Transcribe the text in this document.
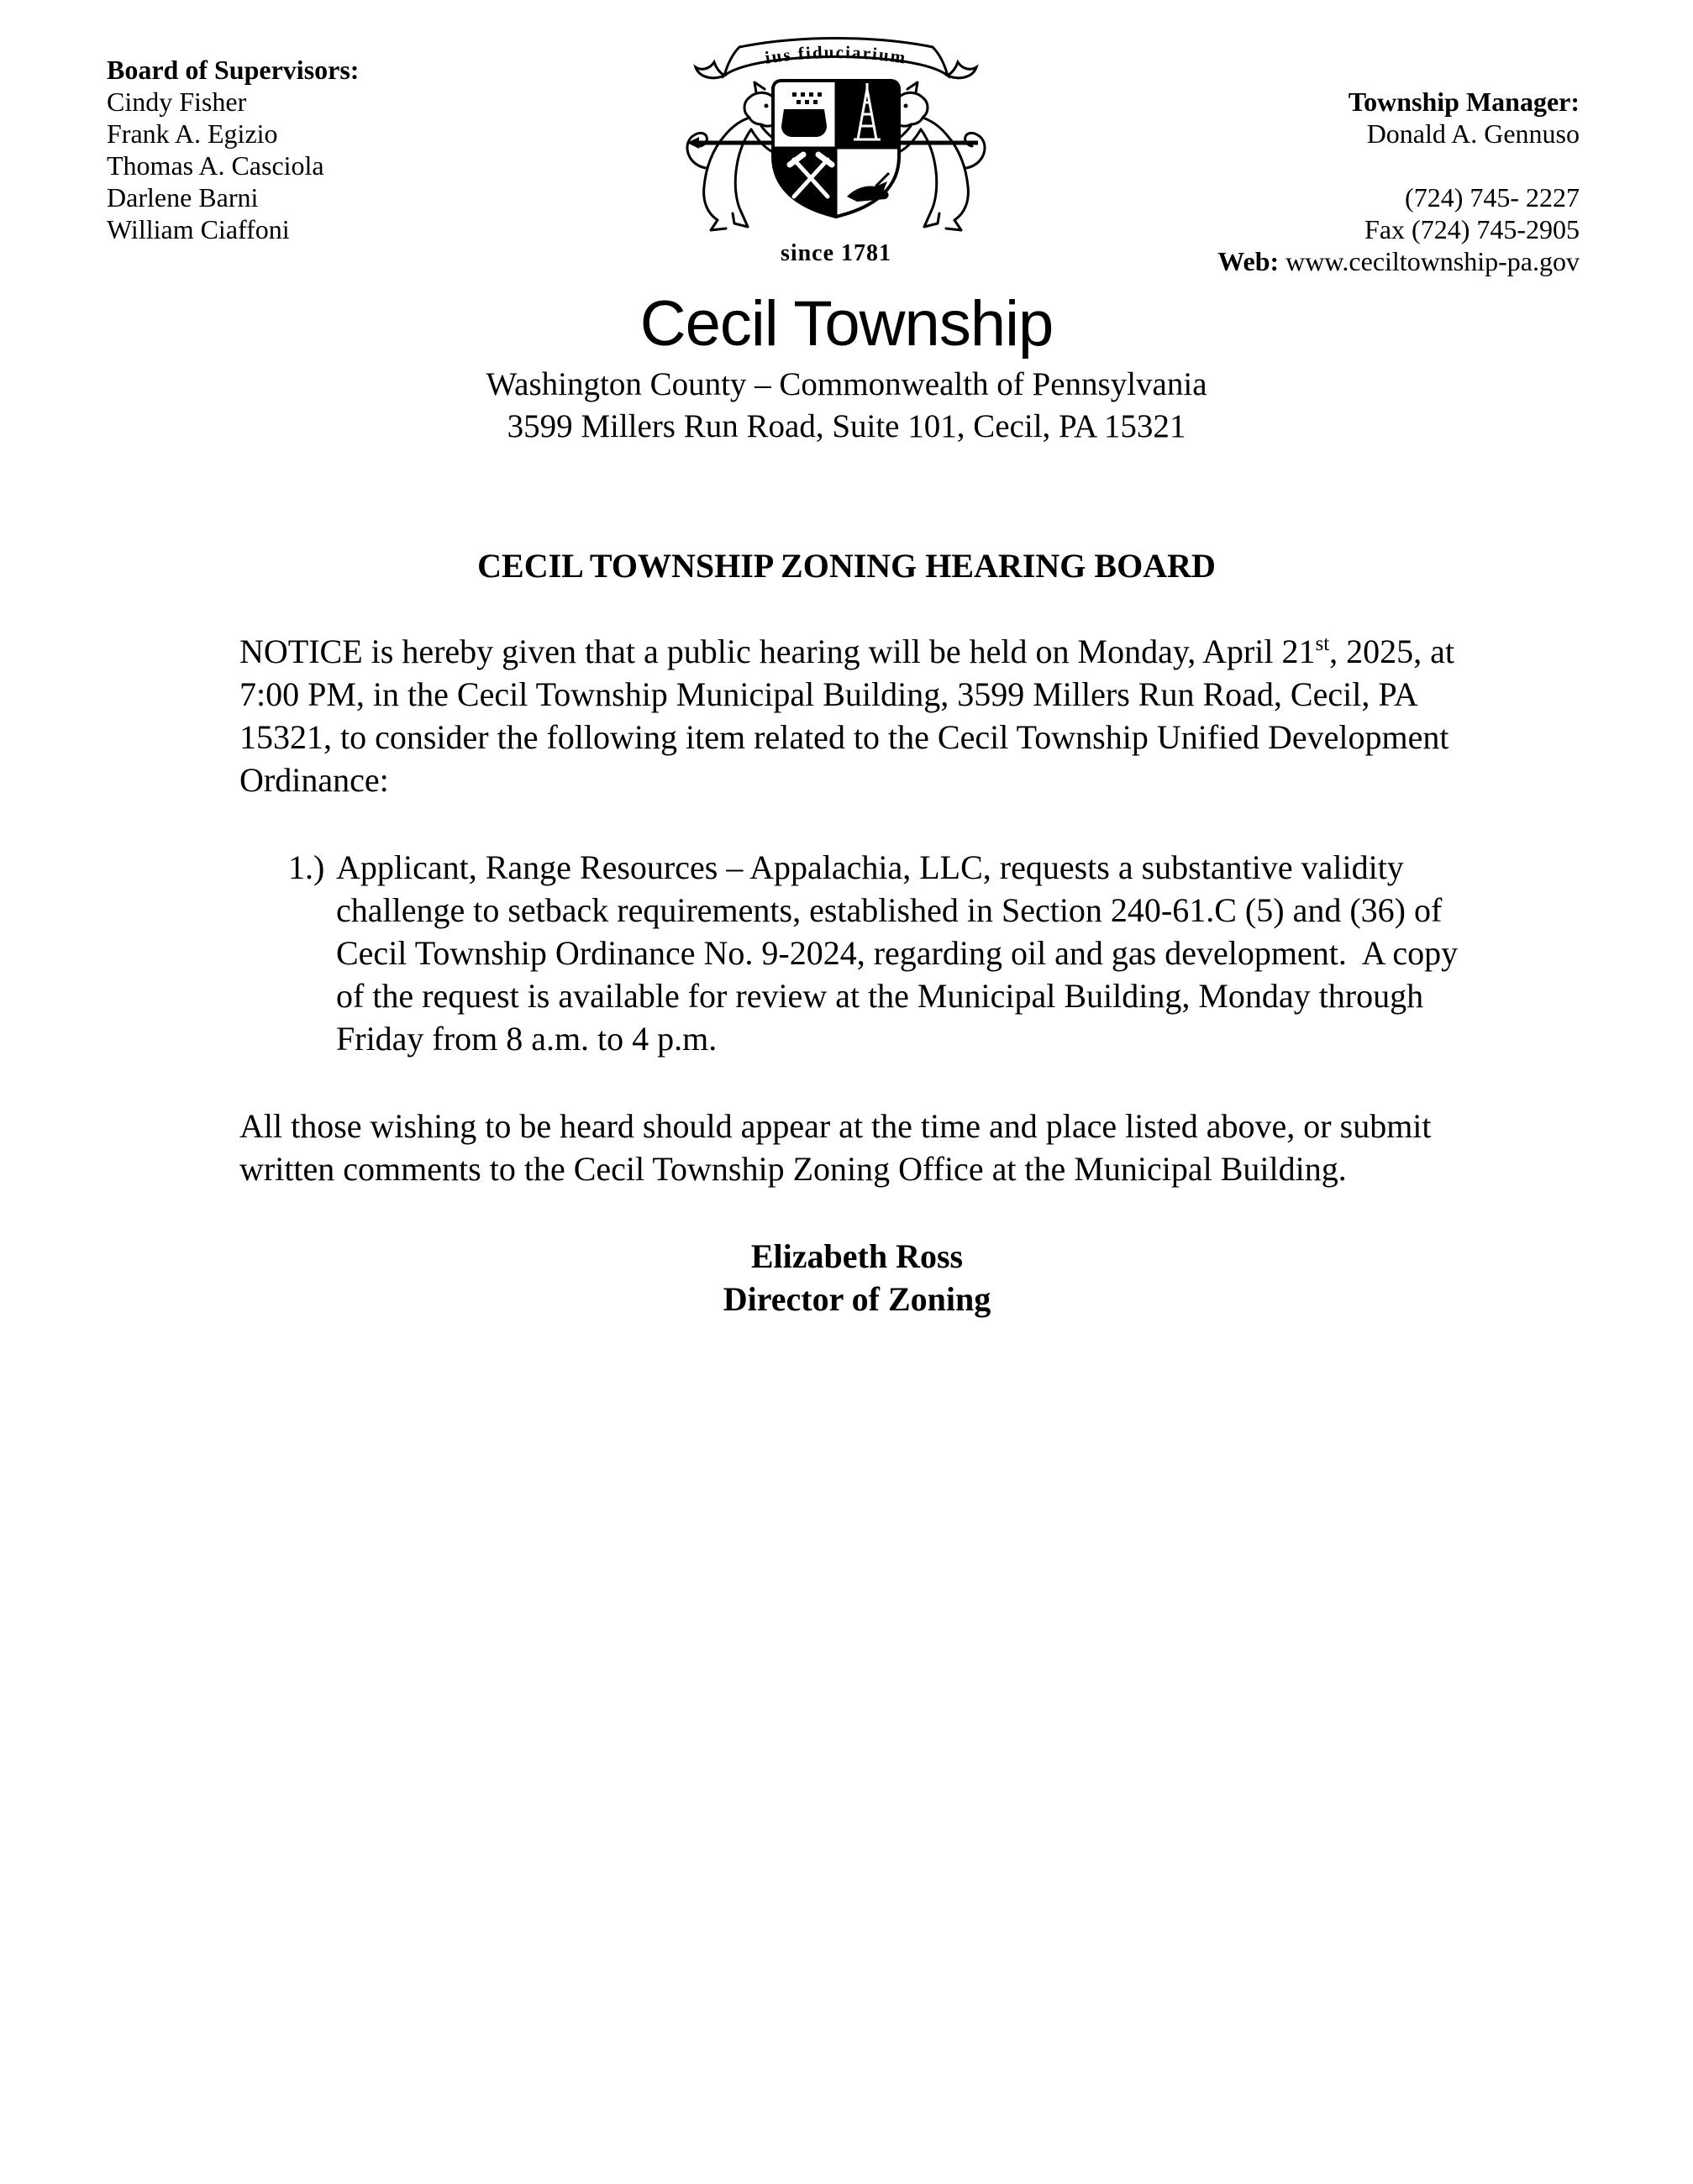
Board of Supervisors:
Cindy Fisher
Frank A. Egizio
Thomas A. Casciola
Darlene Barni
William Ciaffoni
ius fiduciarium
since 1781
Township Manager:
Donald A. Gennuso
(724) 745- 2227
Fax (724) 745-2905
Web: www.ceciltownship-pa.gov
Cecil Township
Washington County – Commonwealth of Pennsylvania
3599 Millers Run Road, Suite 101, Cecil, PA 15321
CECIL TOWNSHIP ZONING HEARING BOARD

NOTICE is hereby given that a public hearing will be held on Monday, April 21st, 2025, at 7:00 PM, in the Cecil Township Municipal Building, 3599 Millers Run Road, Cecil, PA 15321, to consider the following item related to the Cecil Township Unified Development Ordinance:

1.) Applicant, Range Resources – Appalachia, LLC, requests a substantive validity challenge to setback requirements, established in Section 240-61.C (5) and (36) of Cecil Township Ordinance No. 9-2024, regarding oil and gas development.  A copy of the request is available for review at the Municipal Building, Monday through Friday from 8 a.m. to 4 p.m.

All those wishing to be heard should appear at the time and place listed above, or submit written comments to the Cecil Township Zoning Office at the Municipal Building.

Elizabeth Ross
Director of Zoning
